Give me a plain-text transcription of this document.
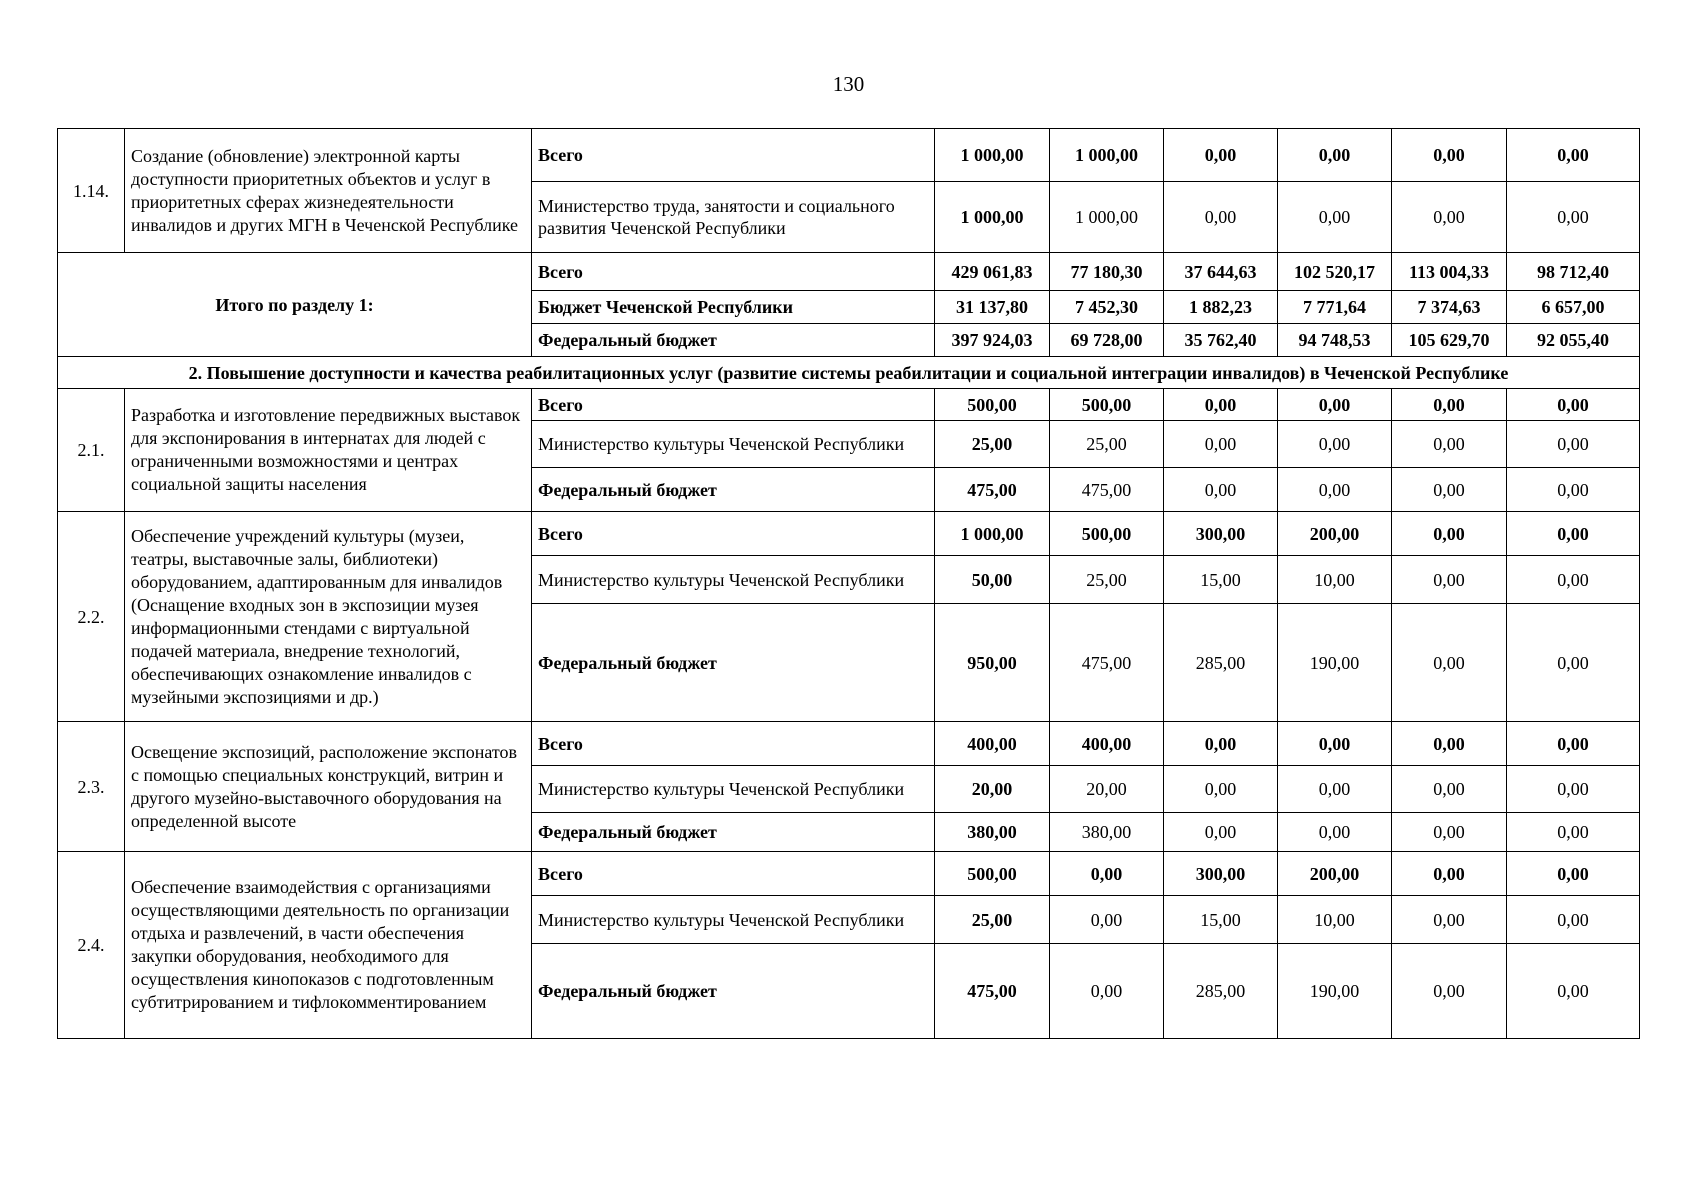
130
1.14.	Создание (обновление) электронной карты доступности приоритетных объектов и услуг в приоритетных сферах жизнедеятельности инвалидов и других МГН в Чеченской Республике	Всего	1 000,00	1 000,00	0,00	0,00	0,00	0,00
		Министерство труда, занятости и социального развития Чеченской Республики	1 000,00	1 000,00	0,00	0,00	0,00	0,00
Итого по разделу 1:		Всего	429 061,83	77 180,30	37 644,63	102 520,17	113 004,33	98 712,40
		Бюджет Чеченской Республики	31 137,80	7 452,30	1 882,23	7 771,64	7 374,63	6 657,00
		Федеральный бюджет	397 924,03	69 728,00	35 762,40	94 748,53	105 629,70	92 055,40
2. Повышение доступности и качества реабилитационных услуг (развитие системы реабилитации и социальной интеграции инвалидов) в Чеченской Республике								
2.1.	Разработка и изготовление передвижных выставок для экспонирования в интернатах для людей с ограниченными возможностями и центрах социальной защиты населения	Всего	500,00	500,00	0,00	0,00	0,00	0,00
		Министерство культуры Чеченской Республики	25,00	25,00	0,00	0,00	0,00	0,00
		Федеральный бюджет	475,00	475,00	0,00	0,00	0,00	0,00
2.2.	Обеспечение учреждений культуры (музеи, театры, выставочные залы, библиотеки) оборудованием, адаптированным для инвалидов (Оснащение входных зон в экспозиции музея информационными стендами с виртуальной подачей материала, внедрение технологий, обеспечивающих ознакомление инвалидов с музейными экспозициями и др.)	Всего	1 000,00	500,00	300,00	200,00	0,00	0,00
		Министерство культуры Чеченской Республики	50,00	25,00	15,00	10,00	0,00	0,00
		Федеральный бюджет	950,00	475,00	285,00	190,00	0,00	0,00
2.3.	Освещение экспозиций, расположение экспонатов с помощью специальных конструкций, витрин и другого музейно-выставочного оборудования на определенной высоте	Всего	400,00	400,00	0,00	0,00	0,00	0,00
		Министерство культуры Чеченской Республики	20,00	20,00	0,00	0,00	0,00	0,00
		Федеральный бюджет	380,00	380,00	0,00	0,00	0,00	0,00
2.4.	Обеспечение взаимодействия с организациями осуществляющими деятельность по организации отдыха и развлечений, в части обеспечения закупки оборудования, необходимого для осуществления кинопоказов с подготовленным субтитрированием и тифлокомментированием	Всего	500,00	0,00	300,00	200,00	0,00	0,00
		Министерство культуры Чеченской Республики	25,00	0,00	15,00	10,00	0,00	0,00
		Федеральный бюджет	475,00	0,00	285,00	190,00	0,00	0,00
